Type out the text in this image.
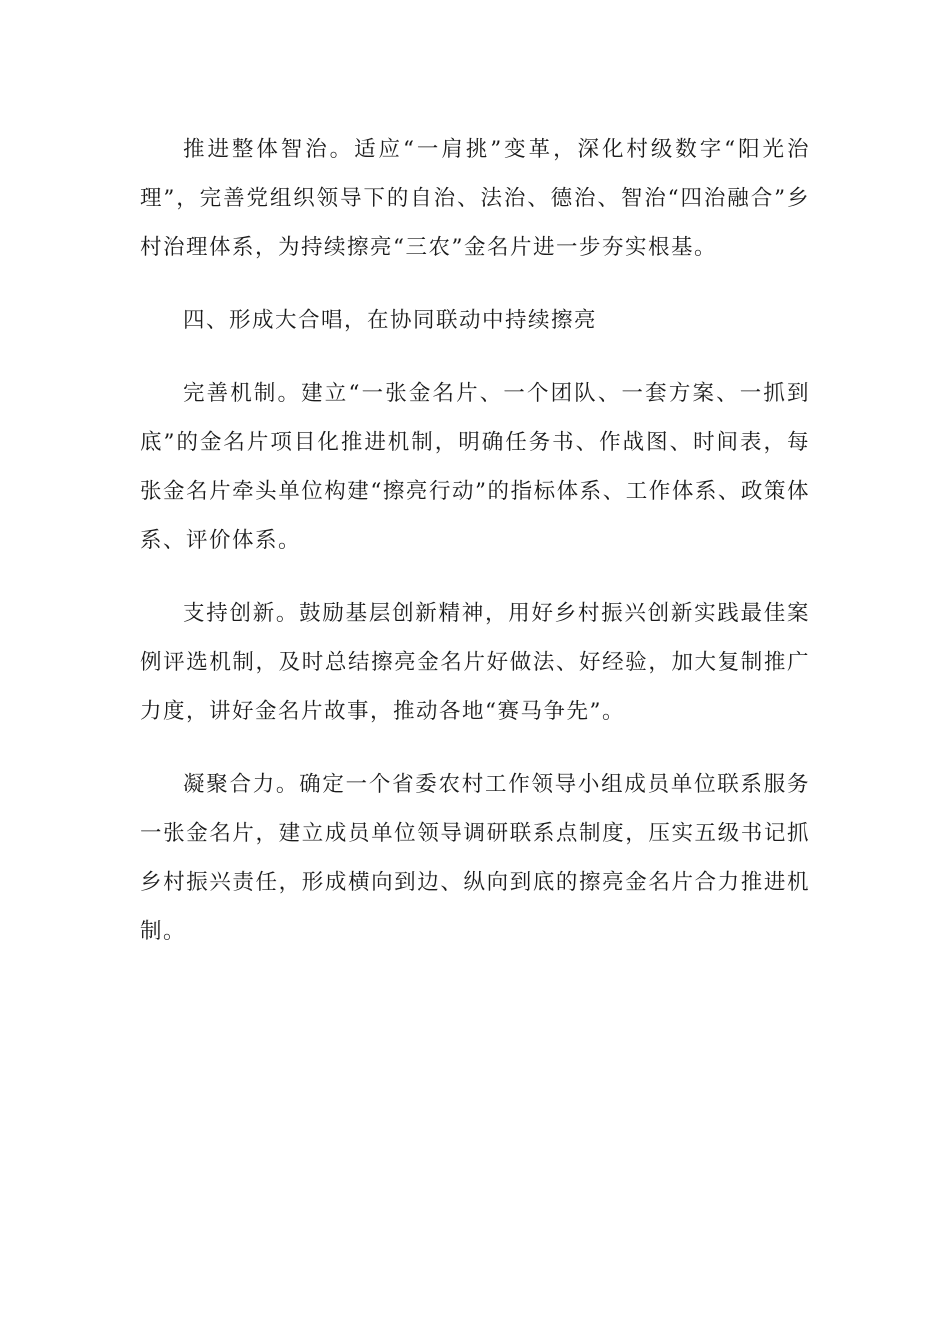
推进整体智治。适应“一肩挑”变革，深化村级数字“阳光治理”，完善党组织领导下的自治、法治、德治、智治“四治融合”乡村治理体系，为持续擦亮“三农”金名片进一步夯实根基。

四、形成大合唱，在协同联动中持续擦亮

完善机制。建立“一张金名片、一个团队、一套方案、一抓到底”的金名片项目化推进机制，明确任务书、作战图、时间表，每张金名片牵头单位构建“擦亮行动”的指标体系、工作体系、政策体系、评价体系。

支持创新。鼓励基层创新精神，用好乡村振兴创新实践最佳案例评选机制，及时总结擦亮金名片好做法、好经验，加大复制推广力度，讲好金名片故事，推动各地“赛马争先”。

凝聚合力。确定一个省委农村工作领导小组成员单位联系服务一张金名片，建立成员单位领导调研联系点制度，压实五级书记抓乡村振兴责任，形成横向到边、纵向到底的擦亮金名片合力推进机制。
